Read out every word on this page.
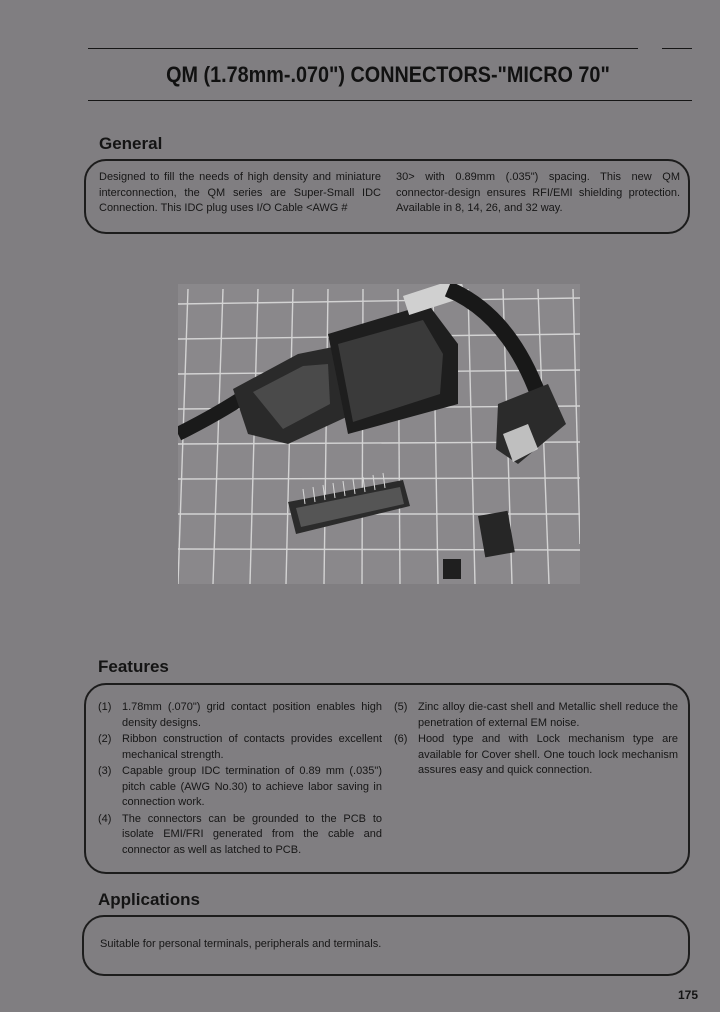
QM (1.78mm-.070") CONNECTORS-"MICRO 70"
General

Designed to fill the needs of high density and miniature interconnection, the QM series are Super-Small IDC Connection. This IDC plug uses I/O Cable <AWG #

30> with 0.89mm (.035") spacing. This new QM connector-design ensures RFI/EMI shielding protection. Available in 8, 14, 26, and 32 way.

Features
(1) 1.78mm (.070") grid contact position enables high density designs.
(2) Ribbon construction of contacts provides excellent mechanical strength.
(3) Capable group IDC termination of 0.89 mm (.035") pitch cable (AWG No.30) to achieve labor saving in connection work.
(4) The connectors can be grounded to the PCB to isolate EMI/FRI generated from the cable and connector as well as latched to PCB.
(5) Zinc alloy die-cast shell and Metallic shell reduce the penetration of external EM noise.
(6) Hood type and with Lock mechanism type are available for Cover shell. One touch lock mechanism assures easy and quick connection.
Applications
Suitable for personal terminals, peripherals and terminals.
175
